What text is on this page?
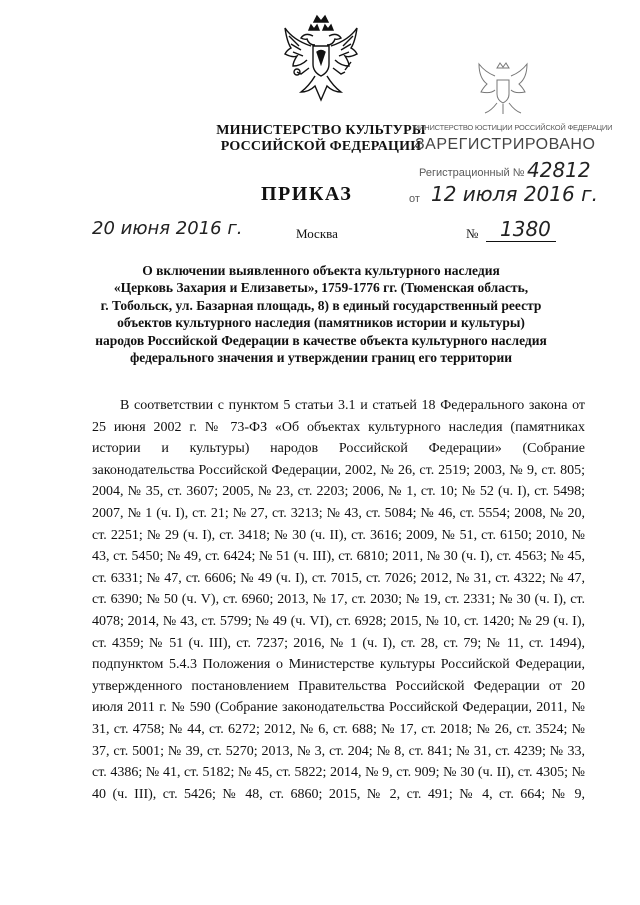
МИНИСТЕРСТВО КУЛЬТУРЫ
РОССИЙСКОЙ ФЕДЕРАЦИИ
МИНИСТЕРСТВО ЮСТИЦИИ РОССИЙСКОЙ ФЕДЕРАЦИИ
ЗАРЕГИСТРИРОВАНО
Регистрационный № 42812
от 12 июля 2016 г.
ПРИКАЗ
20 июня 2016 г.	Москва	№ 1380
О включении выявленного объекта культурного наследия
«Церковь Захария и Елизаветы», 1759-1776 гг. (Тюменская область,
г. Тобольск, ул. Базарная площадь, 8) в единый государственный реестр
объектов культурного наследия (памятников истории и культуры)
народов Российской Федерации в качестве объекта культурного наследия
федерального значения и утверждении границ его территории
В соответствии с пунктом 5 статьи 3.1 и статьей 18 Федерального закона от 25 июня 2002 г. № 73-ФЗ «Об объектах культурного наследия (памятниках истории и культуры) народов Российской Федерации» (Собрание законодательства Российской Федерации, 2002, № 26, ст. 2519; 2003, № 9, ст. 805; 2004, № 35, ст. 3607; 2005, № 23, ст. 2203; 2006, № 1, ст. 10; № 52 (ч. I), ст. 5498; 2007, № 1 (ч. I), ст. 21; № 27, ст. 3213; № 43, ст. 5084; № 46, ст. 5554; 2008, № 20, ст. 2251; № 29 (ч. I), ст. 3418; № 30 (ч. II), ст. 3616; 2009, № 51, ст. 6150; 2010, № 43, ст. 5450; № 49, ст. 6424; № 51 (ч. III), ст. 6810; 2011, № 30 (ч. I), ст. 4563; № 45, ст. 6331; № 47, ст. 6606; № 49 (ч. I), ст. 7015, ст. 7026; 2012, № 31, ст. 4322; № 47, ст. 6390; № 50 (ч. V), ст. 6960; 2013, № 17, ст. 2030; № 19, ст. 2331; № 30 (ч. I), ст. 4078; 2014, № 43, ст. 5799; № 49 (ч. VI), ст. 6928; 2015, № 10, ст. 1420; № 29 (ч. I), ст. 4359; № 51 (ч. III), ст. 7237; 2016, № 1 (ч. I), ст. 28, ст. 79; № 11, ст. 1494), подпунктом 5.4.3 Положения о Министерстве культуры Российской Федерации, утвержденного постановлением Правительства Российской Федерации от 20 июля 2011 г. № 590 (Собрание законодательства Российской Федерации, 2011, № 31, ст. 4758; № 44, ст. 6272; 2012, № 6, ст. 688; № 17, ст. 2018; № 26, ст. 3524; № 37, ст. 5001; № 39, ст. 5270; 2013, № 3, ст. 204; № 8, ст. 841; № 31, ст. 4239; № 33, ст. 4386; № 41, ст. 5182; № 45, ст. 5822; 2014, № 9, ст. 909; № 30 (ч. II), ст. 4305; № 40 (ч. III), ст. 5426; № 48, ст. 6860; 2015, № 2, ст. 491; № 4, ст. 664; № 9,
